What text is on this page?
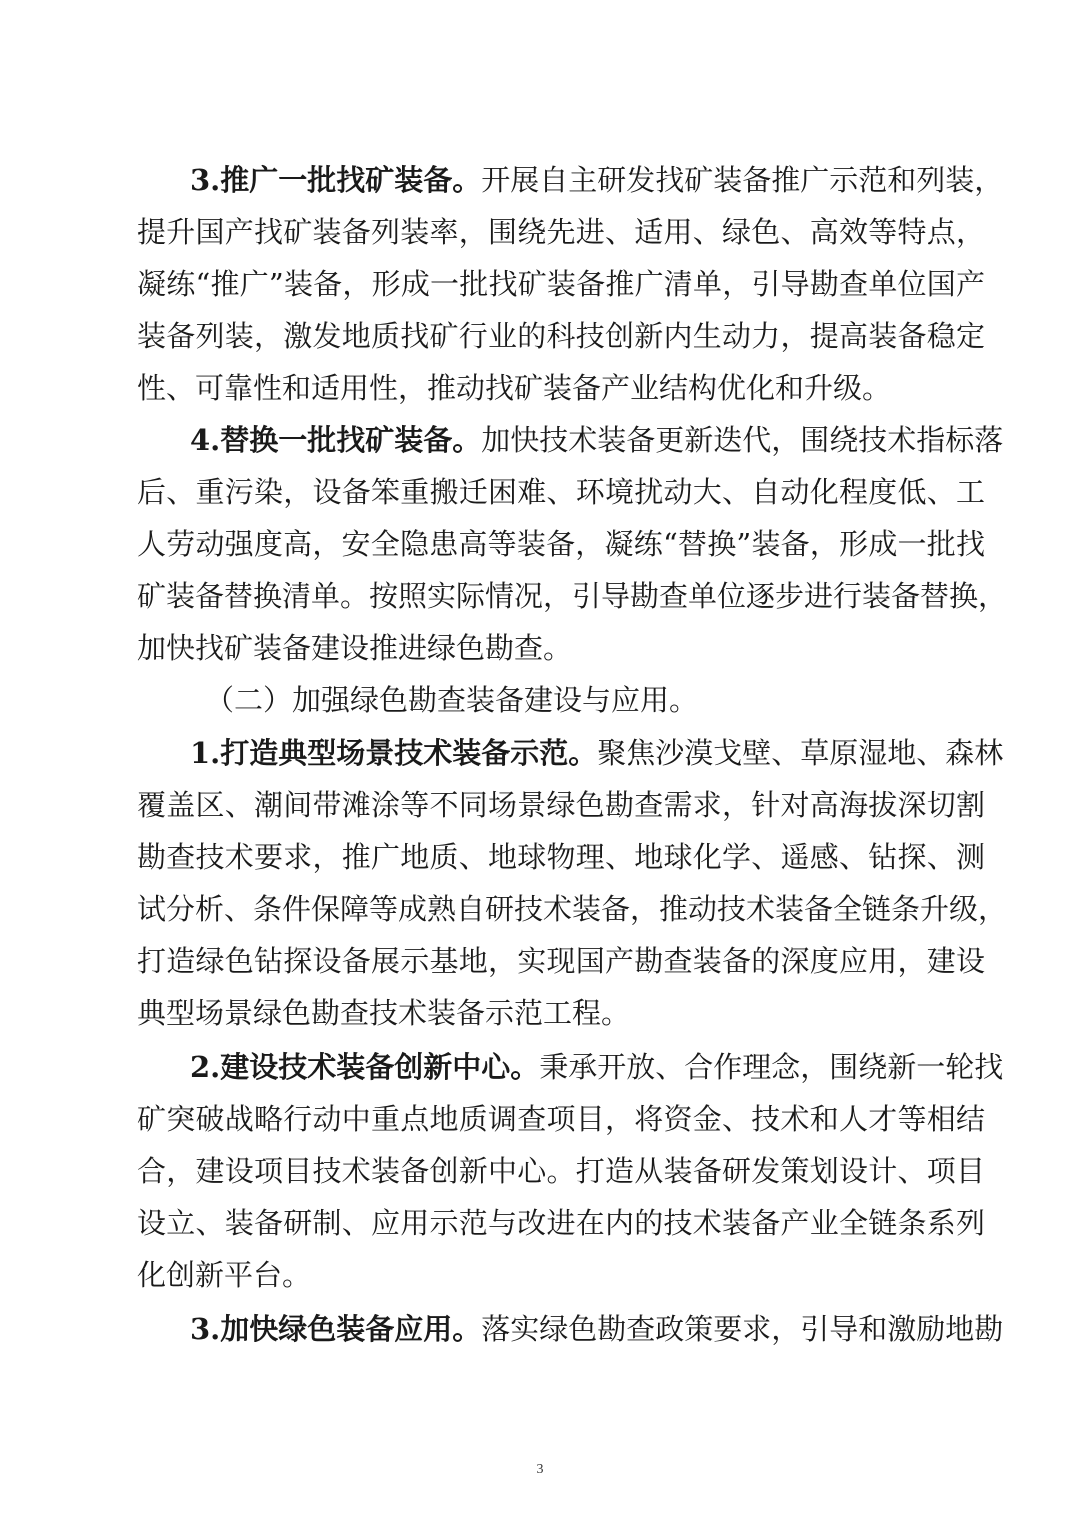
3.推广一批找矿装备。开展自主研发找矿装备推广示范和列装，
提升国产找矿装备列装率，围绕先进、适用、绿色、高效等特点，
凝练“推广”装备，形成一批找矿装备推广清单，引导勘查单位国产
装备列装，激发地质找矿行业的科技创新内生动力，提高装备稳定
性、可靠性和适用性，推动找矿装备产业结构优化和升级。
4.替换一批找矿装备。加快技术装备更新迭代，围绕技术指标落
后、重污染，设备笨重搬迁困难、环境扰动大、自动化程度低、工
人劳动强度高，安全隐患高等装备，凝练“替换”装备，形成一批找
矿装备替换清单。按照实际情况，引导勘查单位逐步进行装备替换，
加快找矿装备建设推进绿色勘查。
（二）加强绿色勘查装备建设与应用。
1.打造典型场景技术装备示范。聚焦沙漠戈壁、草原湿地、森林
覆盖区、潮间带滩涂等不同场景绿色勘查需求，针对高海拔深切割
勘查技术要求，推广地质、地球物理、地球化学、遥感、钻探、测
试分析、条件保障等成熟自研技术装备，推动技术装备全链条升级，
打造绿色钻探设备展示基地，实现国产勘查装备的深度应用，建设
典型场景绿色勘查技术装备示范工程。
2.建设技术装备创新中心。秉承开放、合作理念，围绕新一轮找
矿突破战略行动中重点地质调查项目，将资金、技术和人才等相结
合，建设项目技术装备创新中心。打造从装备研发策划设计、项目
设立、装备研制、应用示范与改进在内的技术装备产业全链条系列
化创新平台。
3.加快绿色装备应用。落实绿色勘查政策要求，引导和激励地勘
3
